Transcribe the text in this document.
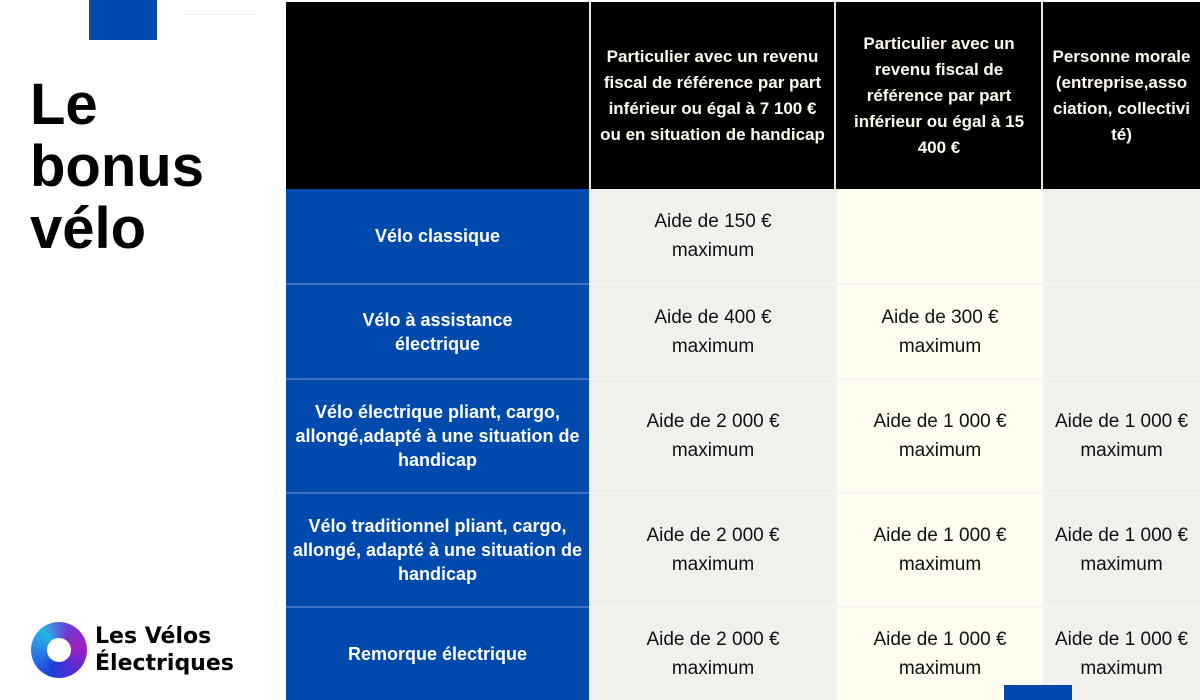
Le
bonus
vélo
Les Vélos
Électriques
Particulier avec un revenu fiscal de référence par part inférieur ou égal à 7 100 € ou en situation de handicap
Particulier avec un revenu fiscal de référence par part inférieur ou égal à 15 400 €
Personne morale (entreprise,association, collectivité)
Vélo classique
Aide de 150 € maximum
Vélo à assistance électrique
Aide de 400 € maximum
Aide de 300 € maximum
Vélo électrique pliant, cargo, allongé,adapté à une situation de handicap
Aide de 2 000 € maximum
Aide de 1 000 € maximum
Aide de 1 000 € maximum
Vélo traditionnel pliant, cargo, allongé, adapté à une situation de handicap
Aide de 2 000 € maximum
Aide de 1 000 € maximum
Aide de 1 000 € maximum
Remorque électrique
Aide de 2 000 € maximum
Aide de 1 000 € maximum
Aide de 1 000 € maximum
